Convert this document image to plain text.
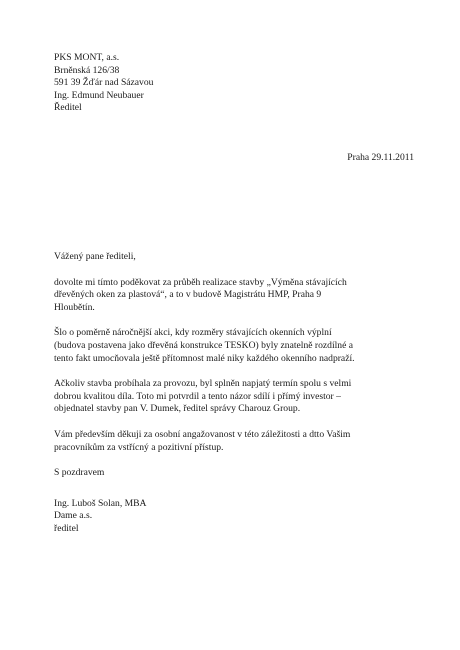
PKS MONT, a.s.
Brněnská 126/38
591 39 Žďár nad Sázavou
Ing. Edmund Neubauer
Ředitel
Praha 29.11.2011

Vážený pane řediteli,

dovolte mi tímto poděkovat za průběh realizace stavby „Výměna stávajících
dřevěných oken za plastová“, a to v budově Magistrátu HMP, Praha 9
Hloubětín.

Šlo o poměrně náročnější akci, kdy rozměry stávajících okenních výplní
(budova postavena jako dřevěná konstrukce TESKO) byly znatelně rozdílné a
tento fakt umocňovala ještě přítomnost malé niky každého okenního nadpraží.

Ačkoliv stavba probíhala za provozu, byl splněn napjatý termín spolu s velmi
dobrou kvalitou díla. Toto mi potvrdil a tento názor sdílí i přímý investor –
objednatel stavby pan V. Dumek, ředitel správy Charouz Group.

Vám především děkuji za osobní angažovanost v této záležitosti a dtto Vašim
pracovníkům za vstřícný a pozitivní přístup.

S pozdravem

Ing. Luboš Solan, MBA
Dame a.s.
ředitel
